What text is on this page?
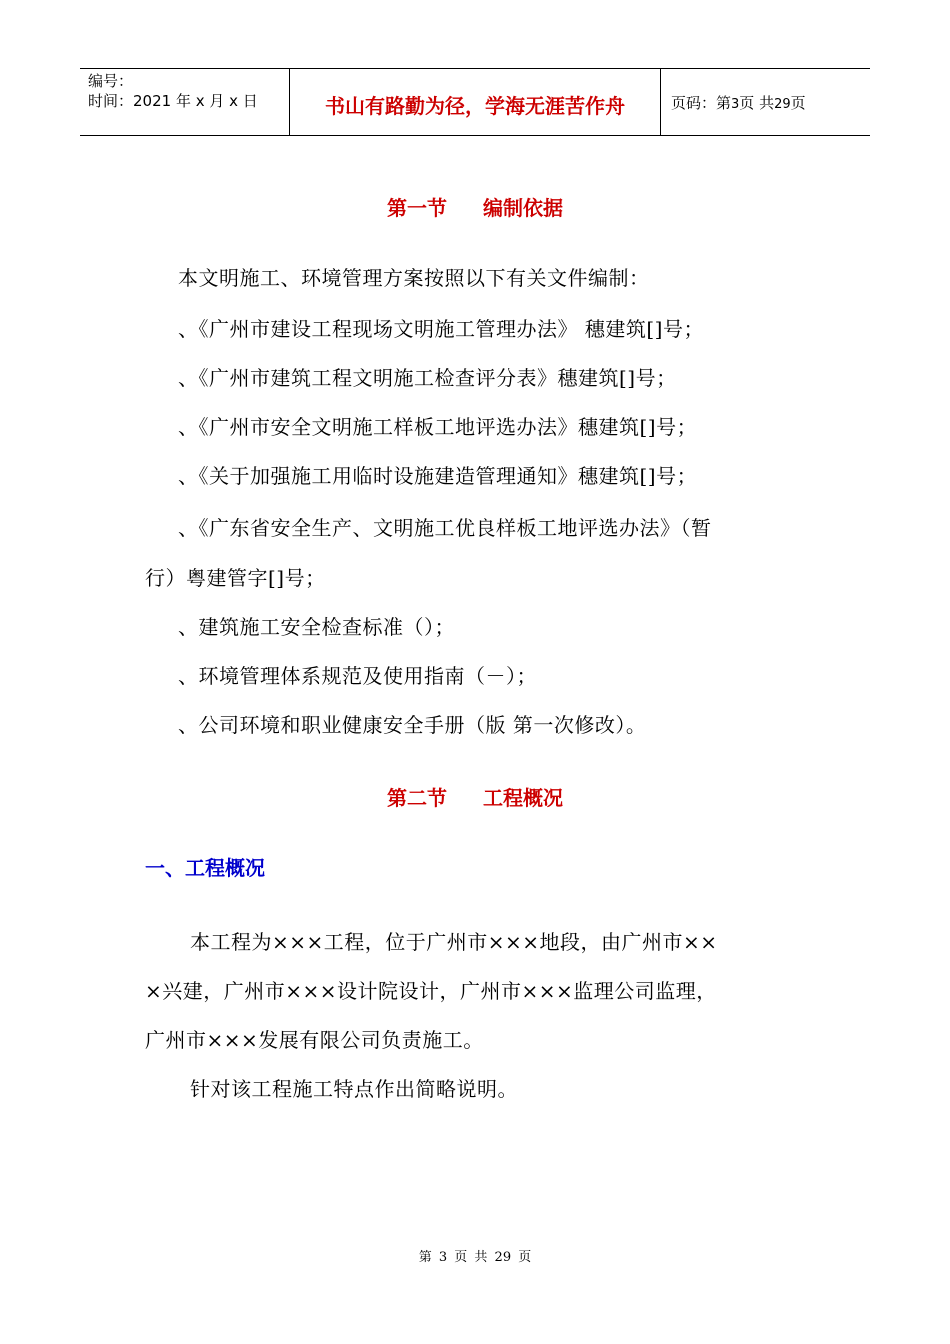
编号：
时间：2021 年 x 月 x 日	书山有路勤为径，学海无涯苦作舟	页码：第3页 共29页
第一节 编制依据
本文明施工、环境管理方案按照以下有关文件编制：
、《广州市建设工程现场文明施工管理办法》 穗建筑[]号；
、《广州市建筑工程文明施工检查评分表》穗建筑[]号；
、《广州市安全文明施工样板工地评选办法》穗建筑[]号；
、《关于加强施工用临时设施建造管理通知》穗建筑[]号；
、《广东省安全生产、文明施工优良样板工地评选办法》（暂
行）粤建管字[]号；
、建筑施工安全检查标准（）；
、环境管理体系规范及使用指南（－）；
、公司环境和职业健康安全手册（版 第一次修改）。
第二节 工程概况
一、工程概况
本工程为×××工程，位于广州市×××地段，由广州市××
×兴建，广州市×××设计院设计，广州市×××监理公司监理，
广州市×××发展有限公司负责施工。
针对该工程施工特点作出简略说明。
第 3 页 共 29 页
